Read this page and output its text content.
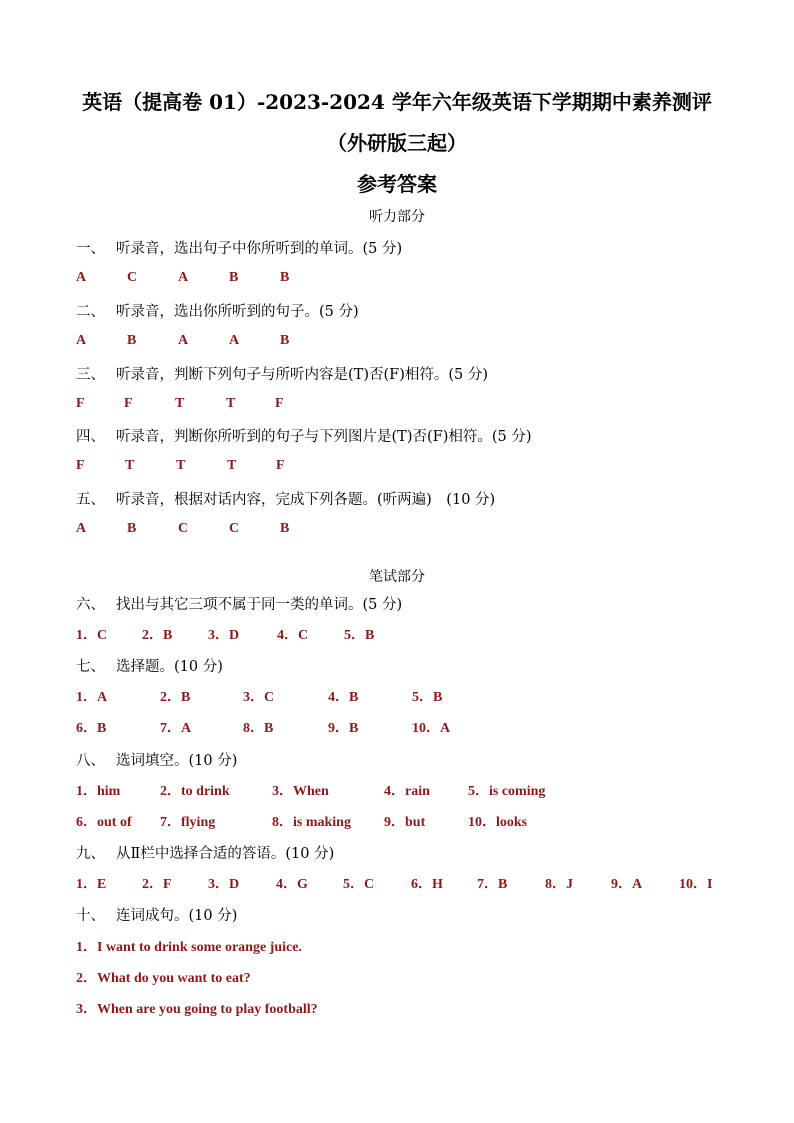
英语（提高卷 01）-2023-2024 学年六年级英语下学期期中素养测评
（外研版三起）
参考答案
听力部分
一、 听录音，选出句子中你所听到的单词。(5 分)
A	C	A	B	B
二、 听录音，选出你所听到的句子。(5 分)
A	B	A	A	B
三、 听录音，判断下列句子与所听内容是(T)否(F)相符。(5 分)
F	F	T	T	F
四、 听录音，判断你所听到的句子与下列图片是(T)否(F)相符。(5 分)
F	T	T	T	F
五、 听录音，根据对话内容，完成下列各题。(听两遍)　(10 分)
A	B	C	C	B
笔试部分
六、 找出与其它三项不属于同一类的单词。(5 分)
1．C 2．B	3．D	4．C	5．B
七、 选择题。(10 分)
1．A	2．B	3．C	4．B	5．B
6．B	7．A	8．B	9．B	10．A
八、 选词填空。(10 分)
1．him	2．to drink	3．When	4．rain	5．is coming
6．out of 7．flying	8．is making 9．but	10．looks
九、 从Ⅱ栏中选择合适的答语。(10 分)
1．E	2．F	3．D	4．G	5．C	6．H 7．B	8．J	9．A	10．I
十、 连词成句。(10 分)
1．I want to drink some orange juice.
2．What do you want to eat?
3．When are you going to play football?
